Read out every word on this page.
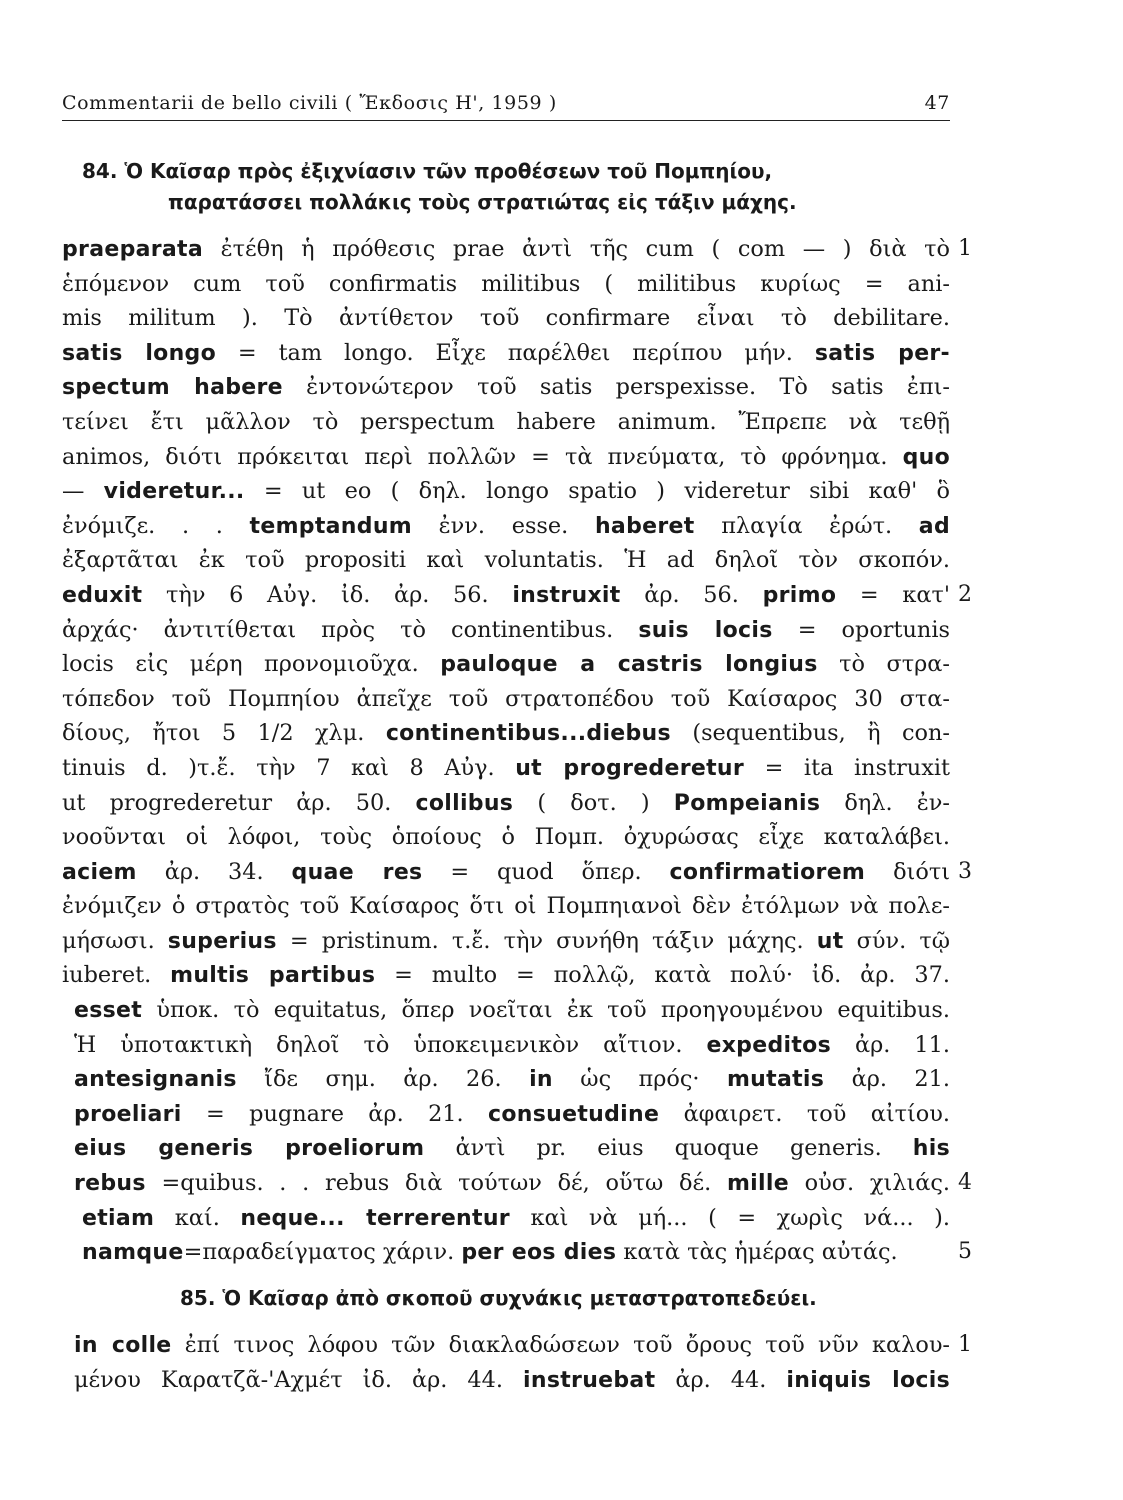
Commentarii de bello civili ( Ἔκδοσις Η', 1959 )	47
84. Ὁ Καῖσαρ πρὸς ἐξιχνίασιν τῶν προθέσεων τοῦ Πομπηίου,
παρατάσσει πολλάκις τοὺς στρατιώτας εἰς τάξιν μάχης.
praeparata ἐτέθη ἡ πρόθεσις prae ἀντὶ τῆς cum ( com — ) διὰ τὸ
ἑπόμενον cum τοῦ confirmatis militibus ( militibus κυρίως = ani-
mis militum ). Τὸ ἀντίθετον τοῦ confirmare εἶναι τὸ debilitare.
satis longo = tam longo. Εἶχε παρέλθει περίπου μήν. satis per-
spectum habere ἐντονώτερον τοῦ satis perspexisse. Τὸ satis ἐπι-
τείνει ἔτι μᾶλλον τὸ perspectum habere animum. Ἔπρεπε νὰ τεθῇ
animos, διότι πρόκειται περὶ πολλῶν = τὰ πνεύματα, τὸ φρόνημα. quo
— videretur... = ut eo ( δηλ. longo spatio ) videretur sibi καθ' ὃ
ἐνόμιζε. . . temptandum ἐνν. esse. haberet πλαγία ἐρώτ. ad
ἐξαρτᾶται ἐκ τοῦ propositi καὶ voluntatis. Ἡ ad δηλοῖ τὸν σκοπόν.
eduxit τὴν 6 Αὐγ. ἰδ. ἀρ. 56. instruxit ἀρ. 56. primo = κατ'
ἀρχάς· ἀντιτίθεται πρὸς τὸ continentibus. suis locis = oportunis
locis εἰς μέρη προνομιοῦχα. pauloque a castris longius τὸ στρα-
τόπεδον τοῦ Πομπηίου ἀπεῖχε τοῦ στρατοπέδου τοῦ Καίσαρος 30 στα-
δίους, ἤτοι 5 1/2 χλμ. continentibus...diebus (sequentibus, ἢ con-
tinuis d. )τ.ἔ. τὴν 7 καὶ 8 Αὐγ. ut progrederetur = ita instruxit
ut progrederetur ἀρ. 50. collibus ( δοτ. ) Pompeianis δηλ. ἐν-
νοοῦνται οἱ λόφοι, τοὺς ὁποίους ὁ Πομπ. ὀχυρώσας εἶχε καταλάβει.
aciem ἀρ. 34. quae res = quod ὅπερ. confirmatiorem διότι
ἐνόμιζεν ὁ στρατὸς τοῦ Καίσαρος ὅτι οἱ Πομπηιανοὶ δὲν ἐτόλμων νὰ πολε-
μήσωσι. superius = pristinum. τ.ἔ. τὴν συνήθη τάξιν μάχης. ut σύν. τῷ
iuberet. multis partibus = multo = πολλῷ, κατὰ πολύ· ἰδ. ἀρ. 37.
esset ὑποκ. τὸ equitatus, ὅπερ νοεῖται ἐκ τοῦ προηγουμένου equitibus.
Ἡ ὑποτακτικὴ δηλοῖ τὸ ὑποκειμενικὸν αἴτιον. expeditos ἀρ. 11.
antesignanis ἴδε σημ. ἀρ. 26. in ὡς πρός· mutatis ἀρ. 21.
proeliari = pugnare ἀρ. 21. consuetudine ἀφαιρετ. τοῦ αἰτίου.
eius generis proeliorum ἀντὶ pr. eius quoque generis. his
rebus =quibus. . . rebus διὰ τούτων δέ, οὕτω δέ. mille οὐσ. χιλιάς.
etiam καί. neque... terrerentur καὶ νὰ μή... ( = χωρὶς νά... ).
namque=παραδείγματος χάριν. per eos dies κατὰ τὰς ἡμέρας αὐτάς.
85. Ὁ Καῖσαρ ἀπὸ σκοποῦ συχνάκις μεταστρατοπεδεύει.
in colle ἐπί τινος λόφου τῶν διακλαδώσεων τοῦ ὄρους τοῦ νῦν καλου-
μένου Καρατζᾶ-'Αχμέτ ἰδ. ἀρ. 44. instruebat ἀρ. 44. iniquis locis
1
2
3
4
5
1
